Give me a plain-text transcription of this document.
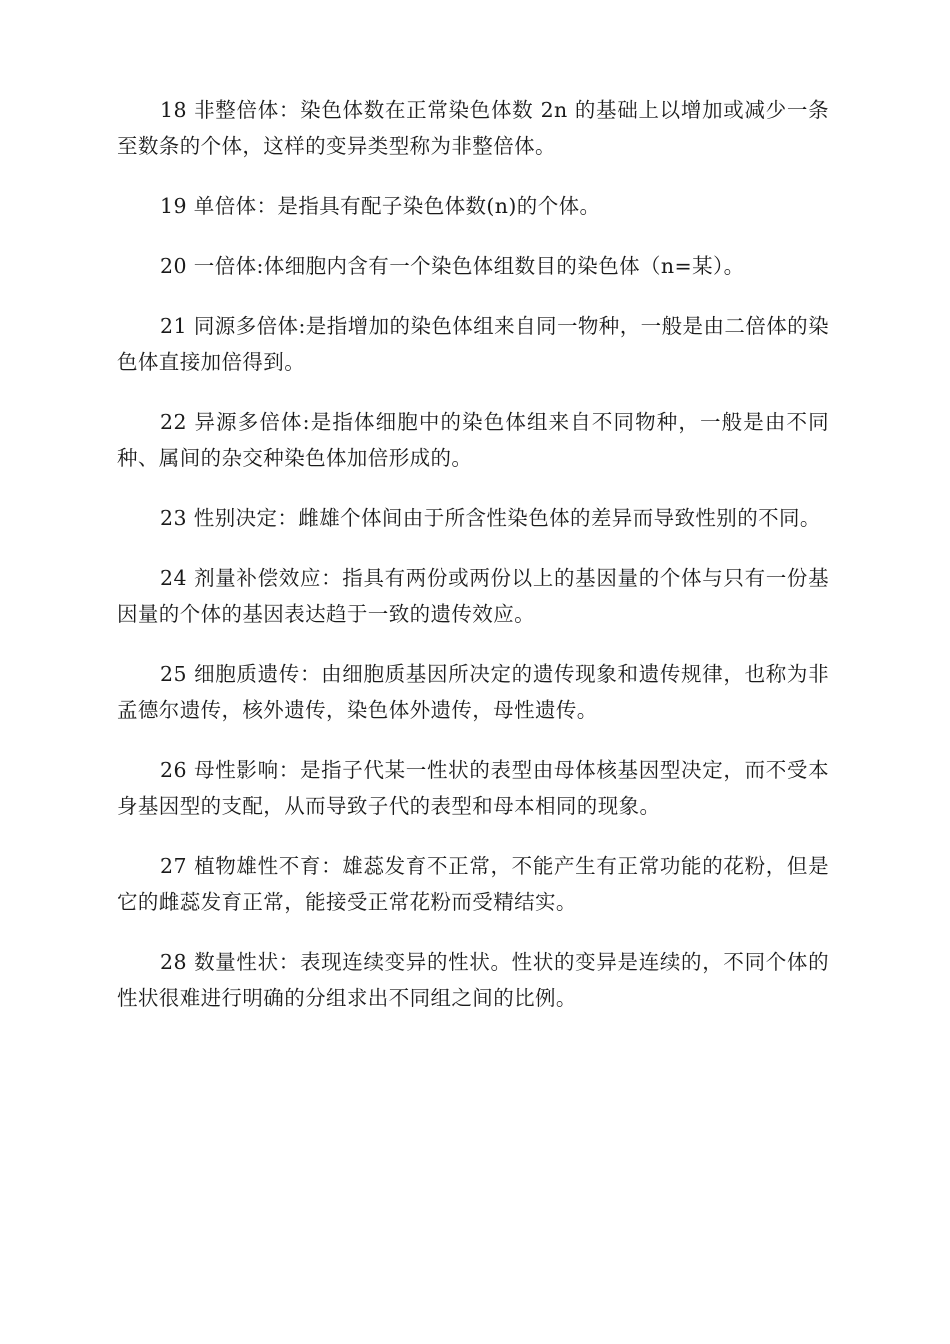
18 非整倍体：染色体数在正常染色体数 2n 的基础上以增加或减少一条至数条的个体，这样的变异类型称为非整倍体。

19 单倍体：是指具有配子染色体数(n)的个体。

20 一倍体:体细胞内含有一个染色体组数目的染色体（n=某）。

21 同源多倍体:是指增加的染色体组来自同一物种，一般是由二倍体的染色体直接加倍得到。

22 异源多倍体:是指体细胞中的染色体组来自不同物种，一般是由不同种、属间的杂交种染色体加倍形成的。

23 性别决定：雌雄个体间由于所含性染色体的差异而导致性别的不同。

24 剂量补偿效应：指具有两份或两份以上的基因量的个体与只有一份基因量的个体的基因表达趋于一致的遗传效应。

25 细胞质遗传：由细胞质基因所决定的遗传现象和遗传规律，也称为非孟德尔遗传，核外遗传，染色体外遗传，母性遗传。

26 母性影响：是指子代某一性状的表型由母体核基因型决定，而不受本身基因型的支配，从而导致子代的表型和母本相同的现象。

27 植物雄性不育：雄蕊发育不正常，不能产生有正常功能的花粉，但是它的雌蕊发育正常，能接受正常花粉而受精结实。

28 数量性状：表现连续变异的性状。性状的变异是连续的，不同个体的性状很难进行明确的分组求出不同组之间的比例。
